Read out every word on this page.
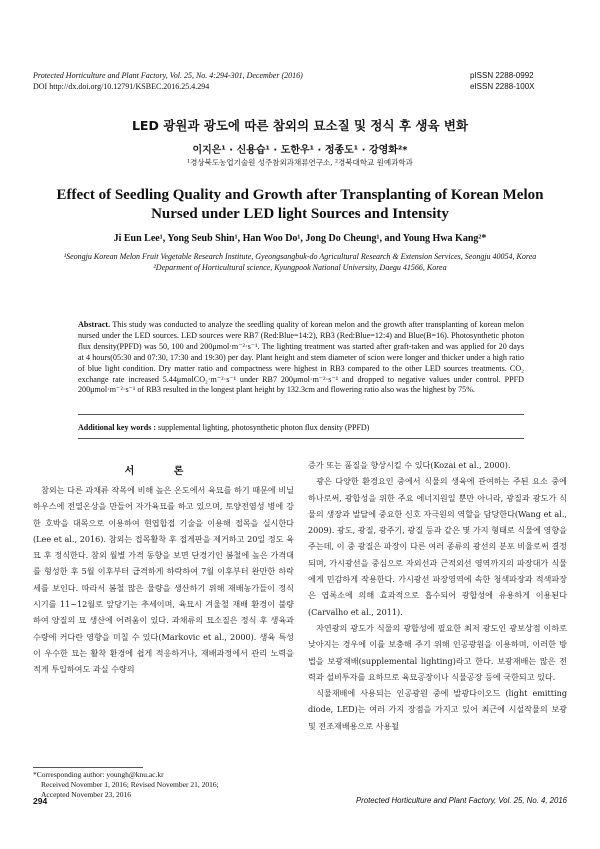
Protected Horticulture and Plant Factory, Vol. 25, No. 4:294-301, December (2016)
DOI http://dx.doi.org/10.12791/KSBEC.2016.25.4.294
pISSN 2288-0992
eISSN 2288-100X
LED 광원과 광도에 따른 참외의 묘소질 및 정식 후 생육 변화
이지은¹ · 신용습¹ · 도한우¹ · 정종도¹ · 강영화²*
¹경상북도농업기술원 성주참외과채류연구소, ²경북대학교 원예과학과
Effect of Seedling Quality and Growth after Transplanting of Korean Melon Nursed under LED light Sources and Intensity
Ji Eun Lee¹, Yong Seub Shin¹, Han Woo Do¹, Jong Do Cheung¹, and Young Hwa Kang²*
¹Seongju Korean Melon Fruit Vegetable Research Institute, Gyeongsangbuk-do Agricultural Research & Extension Services, Seongju 40054, Korea
²Deparment of Horticultural science, Kyungpook National University, Daegu 41566, Korea
Abstract. This study was conducted to analyze the seedling quality of korean melon and the growth after transplanting of korean melon nursed under the LED sources. LED sources were RB7 (Red:Blue=14:2), RB3 (Red:Blue=12:4) and Blue(B=16). Photosynthetic photon flux density(PPFD) was 50, 100 and 200μmol·m⁻²·s⁻¹. The lighting treatment was started after graft-taken and was applied for 20 days at 4 hours(05:30 and 07:30, 17:30 and 19:30) per day. Plant height and stem diameter of scion were longer and thicker under a high ratio of blue light condition. Dry matter ratio and compactness were highest in RB3 compared to the other LED sources treatments. CO₂ exchange rate increased 5.44μmolCO₂·m⁻²·s⁻¹ under RB7 200μmol·m⁻²·s⁻¹ and dropped to negative values under control. PPFD 200μmol·m⁻²·s⁻¹ of RB3 resulted in the longest plant height by 132.3cm and flowering ratio also was the highest by 75%.
Additional key words : supplemental lighting, photosynthetic photon flux density (PPFD)
서 론

참외는 다른 과채류 작목에 비해 높은 온도에서 육묘를 하기 때문에 비닐하우스에 전열온상을 만들어 자가육묘를 하고 있으며, 토양전염성 병에 강한 호박을 대목으로 이용하여 현엽합접 기술을 이용해 접목을 실시한다 (Lee et al., 2016). 참외는 접목활착 후 접게판을 제거하고 20일 정도 육묘 후 정식한다. 참외 월별 가격 동향을 보면 단경기인 봄철에 높은 가격대를 형성한 후 5월 이후부터 급격하게 하락하여 7월 이후부터 완만한 하락세를 보인다. 따라서 봄철 많은 물량을 생산하기 위해 재배농가들이 정식 시기를 11~12월로 앞당기는 추세이며, 육묘시 겨울철 재배 환경이 불량하여 양질의 묘 생산에 어려움이 있다. 과채류의 묘소질은 정식 후 생육과 수량에 커다란 영향을 미칠 수 있다(Markovic et al., 2000). 생육 특성이 우수한 묘는 활착 환경에 쉽게 적응하거나, 재배과정에서 관리 노력을 적게 투입하여도 과실 수량의

증가 또는 품질을 향상시킬 수 있다(Kozai et al., 2000).

광은 다양한 환경요인 중에서 식물의 생육에 관여하는 주된 요소 중에 하나로써, 광합성을 위한 주요 에너지원일 뿐만 아니라, 광질과 광도가 식물의 생장과 발달에 중요한 신호 자극원의 역할을 담당한다(Wang et al., 2009). 광도, 광질, 광주기, 광질 등과 같은 몇 가지 형태로 식물에 영향을 주는데, 이 중 광질은 파장이 다른 여러 종류의 광선의 분포 비율로써 결정되며, 가시광선을 중심으로 자외선과 근적외선 영역까지의 파장대가 식물에게 민감하게 작용한다. 가시광선 파장영역에 속한 청색파장과 적색파장은 엽록소에 의해 효과적으로 흡수되어 광합성에 유용하게 이용된다(Carvalho et al., 2011).

자연광의 광도가 식물의 광합성에 필요한 최저 광도인 광보상점 이하로 낮아지는 경우에 이를 보충해 주기 위해 인공광원을 이용하며, 이러한 방법을 보광재배(supplemental lighting)라고 한다. 보광재배는 많은 전력과 설비투자를 요하므로 육묘공장이나 식물공장 등에 국한되고 있다.

식물재배에 사용되는 인공광원 중에 발광다이오드 (light emitting diode, LED)는 여러 가지 장점을 가지고 있어 최근에 시설작물의 보광 및 전조재배용으로 사용될

*Corresponding author: youngh@knu.ac.kr
Received November 1, 2016; Revised November 21, 2016;
Accepted November 23, 2016
294	Protected Horticulture and Plant Factory, Vol. 25, No. 4, 2016
